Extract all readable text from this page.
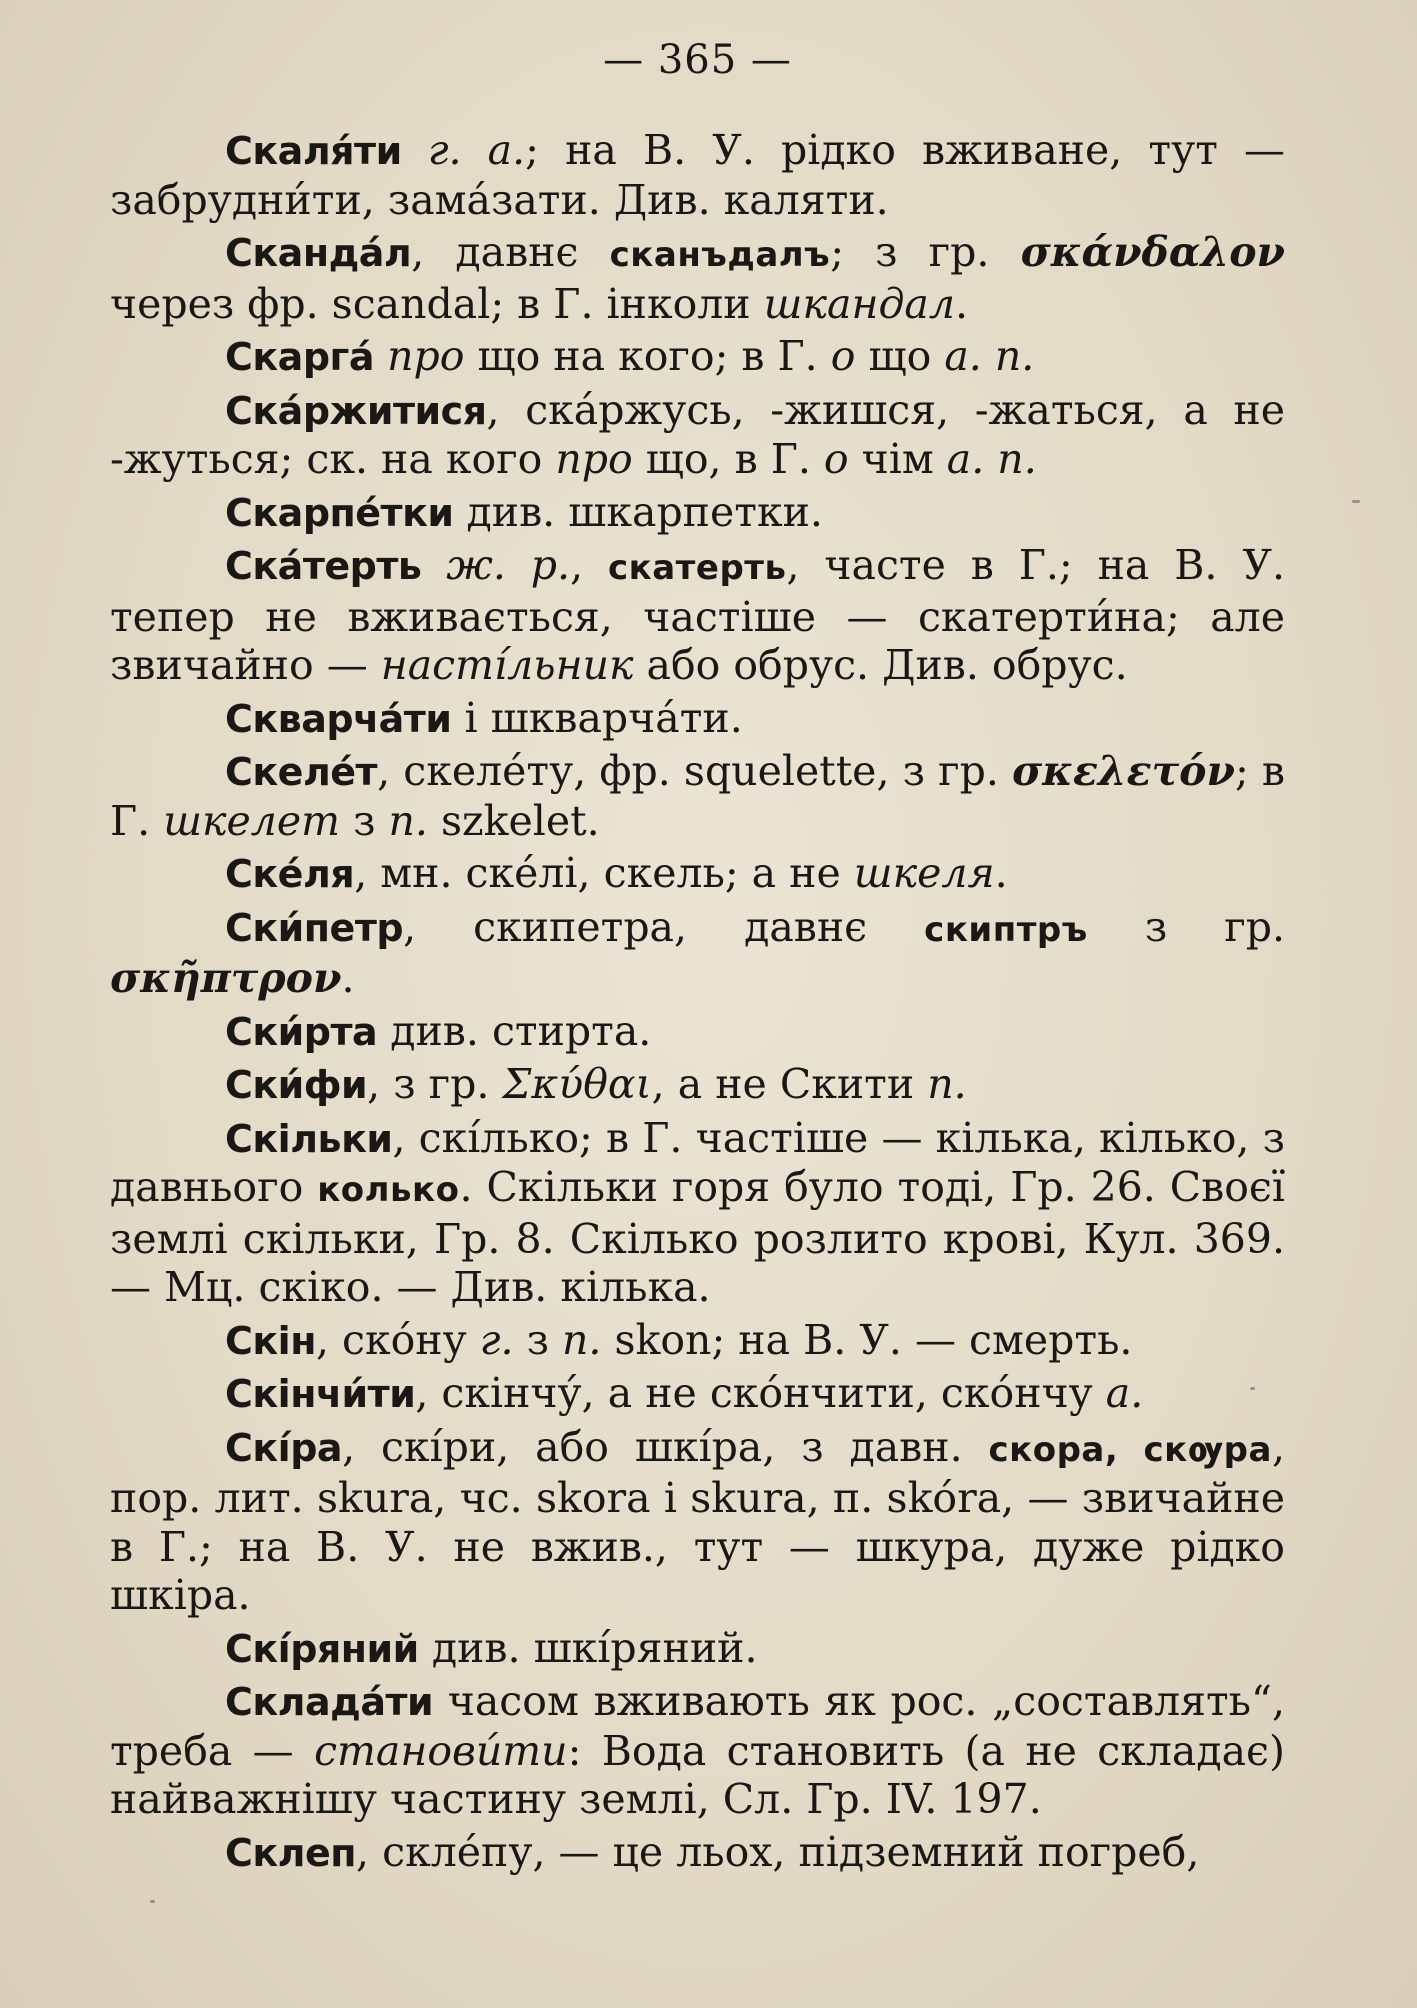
— 365 —

Скаля́ти г. а.; на В. У. рідко вживане, тут — забрудни́ти, зама́зати. Див. каляти.

Сканда́л, давнє сканъдалъ; з гр. σκάνδαλον через фр. scandal; в Г. інколи шкандал.

Скарга́ про що на кого; в Г. о що а. п.

Ска́ржитися, ска́ржусь, -жишся, -жаться, а не -жуться; ск. на кого про що, в Г. о чім а. п.

Скарпе́тки див. шкарпетки.

Ска́терть ж. р., скатерть, часте в Г.; на В. У. тепер не вживається, частіше — скатерти́на; але звичайно — насті́льник або обрус. Див. обрус.

Скварча́ти і шкварча́ти.

Скеле́т, скеле́ту, фр. squelette, з гр. σκελετόν; в Г. шкелет з п. szkelet.

Ске́ля, мн. ске́лі, скель; а не шкеля.

Ски́петр, скипетра, давнє скиптръ з гр. σκῆπτρον.

Ски́рта див. стирта.

Ски́фи, з гр. Σκύθαι, а не Скити п.

Скільки, скі́лько; в Г. частіше — кілька, кілько, з давнього колько. Скільки горя було тоді, Гр. 26. Своєї землі скільки, Гр. 8. Скілько розлито крові, Кул. 369. — Мц. скіко. — Див. кілька.

Скін, ско́ну г. з п. skon; на В. У. — смерть.

Скінчи́ти, скінчу́, а не ско́нчити, ско́нчу а.

Скі́ра, скі́ри, або шкі́ра, з давн. скора, скѹра, пор. лит. skura, чс. skora i skura, п. skóra, — звичайне в Г.; на В. У. не вжив., тут — шкура, дуже рідко шкіра.

Скі́ряний див. шкі́ряний.

Склада́ти часом вживають як рос. „составлять“, треба — станови́ти: Вода становить (а не складає) найважнішу частину землі, Сл. Гр. IV. 197.

Склеп, скле́пу, — це льох, підземний погреб,
